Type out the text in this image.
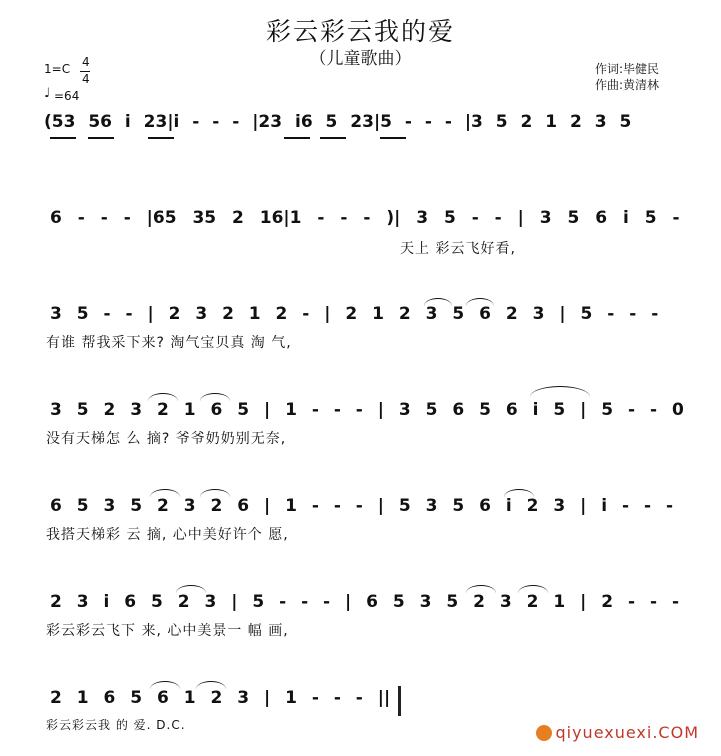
彩云彩云我的爱
（儿童歌曲）
1=C 4
4
♩ =64
作词:毕健民
作曲:黄清林
(53 56 i 23|i - - - |23 i6 5 23|5 - - - |3 5 2 1 2 3 5
6 - - - |65 35 2 16|1 - - - )| 3 5 - - | 3 5 6 i 5 -
天上 彩云飞好看,
3 5 - - | 2 3 2 1 2 - | 2 1 2 3 5 6 2 3 | 5 - - -
有谁 帮我采下来? 淘气宝贝真 淘 气,
3 5 2 3 2 1 6 5 | 1 - - - | 3 5 6 5 6 i 5 | 5 - - 0
没有天梯怎 么 摘? 爷爷奶奶别无奈,
6 5 3 5 2 3 2 6 | 1 - - - | 5 3 5 6 i 2 3 | i - - -
我搭天梯彩 云 摘, 心中美好许个 愿,
2 3 i 6 5 2 3 | 5 - - - | 6 5 3 5 2 3 2 1 | 2 - - -
彩云彩云飞下 来, 心中美景一 幅 画,
2 1 6 5 6 1 2 3 | 1 - - - ||
彩云彩云我 的 爱. D.C.	qiyuexuexi.COM
